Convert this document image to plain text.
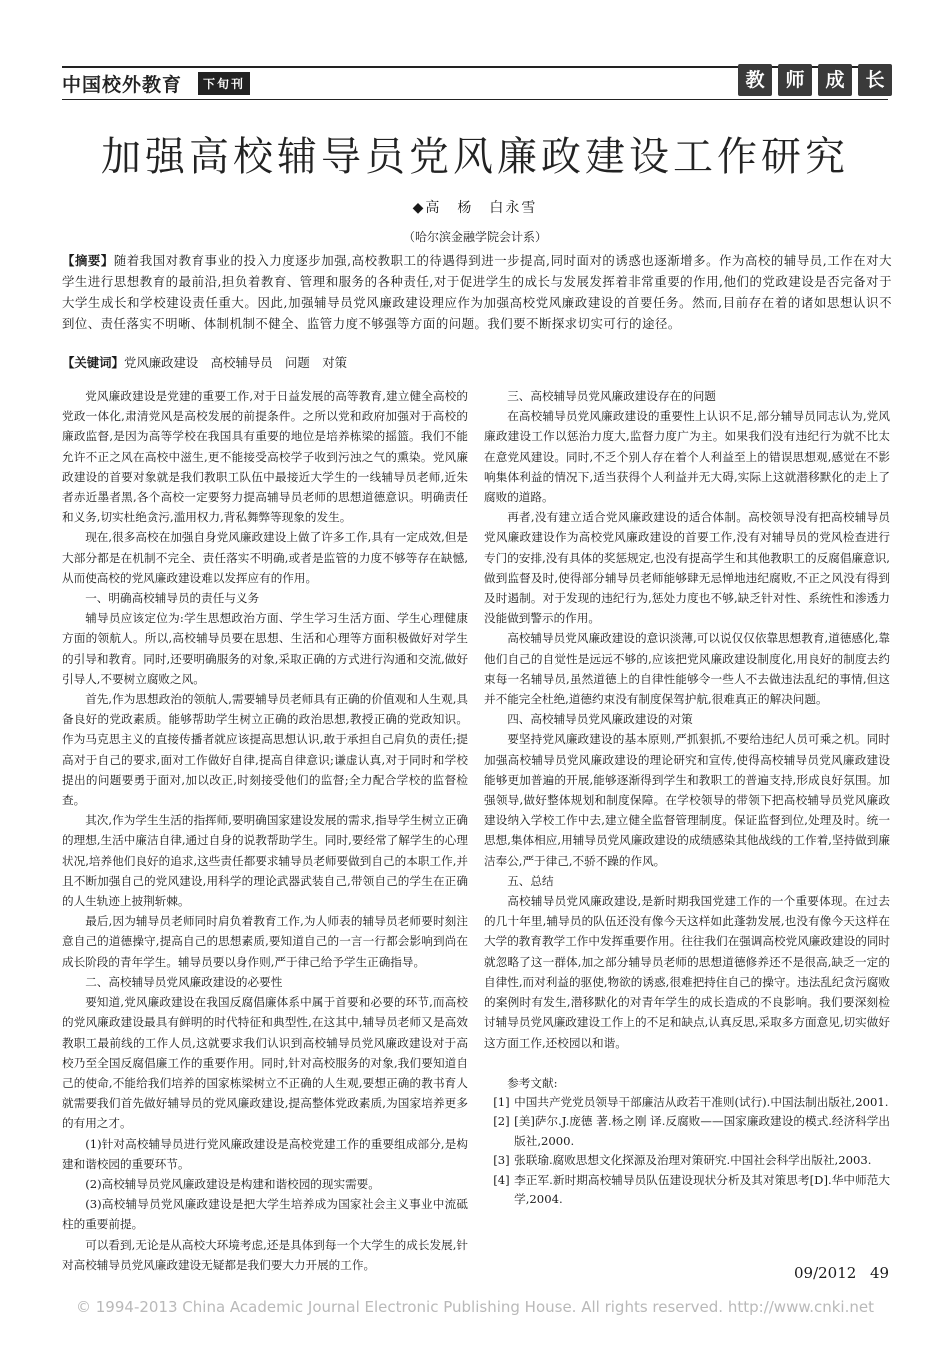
中国校外教育	下旬刊	教	师	成	长
加强高校辅导员党风廉政建设工作研究
◆高　杨　白永雪
（哈尔滨金融学院会计系）
【摘要】随着我国对教育事业的投入力度逐步加强,高校教职工的待遇得到进一步提高,同时面对的诱惑也逐渐增多。作为高校的辅导员,工作在对大学生进行思想教育的最前沿,担负着教育、管理和服务的各种责任,对于促进学生的成长与发展发挥着非常重要的作用,他们的党政建设是否完备对于大学生成长和学校建设责任重大。因此,加强辅导员党风廉政建设理应作为加强高校党风廉政建设的首要任务。然而,目前存在着的诸如思想认识不到位、责任落实不明晰、体制机制不健全、监管力度不够强等方面的问题。我们要不断探求切实可行的途径。
【关键词】党风廉政建设　高校辅导员　问题　对策

党风廉政建设是党建的重要工作,对于日益发展的高等教育,建立健全高校的党政一体化,肃清党风是高校发展的前提条件。之所以党和政府加强对于高校的廉政监督,是因为高等学校在我国具有重要的地位是培养栋梁的摇篮。我们不能允许不正之风在高校中滋生,更不能接受高校学子收到污浊之气的熏染。党风廉政建设的首要对象就是我们教职工队伍中最接近大学生的一线辅导员老师,近朱者赤近墨者黑,各个高校一定要努力提高辅导员老师的思想道德意识。明确责任和义务,切实杜绝贪污,滥用权力,背私舞弊等现象的发生。

现在,很多高校在加强自身党风廉政建设上做了许多工作,具有一定成效,但是大部分都是在机制不完全、责任落实不明确,或者是监管的力度不够等存在缺憾,从而使高校的党风廉政建设难以发挥应有的作用。

一、明确高校辅导员的责任与义务

辅导员应该定位为:学生思想政治方面、学生学习生活方面、学生心理健康方面的领航人。所以,高校辅导员要在思想、生活和心理等方面积极做好对学生的引导和教育。同时,还要明确服务的对象,采取正确的方式进行沟通和交流,做好引导人,不要树立腐败之风。

首先,作为思想政治的领航人,需要辅导员老师具有正确的价值观和人生观,具备良好的党政素质。能够帮助学生树立正确的政治思想,教授正确的党政知识。作为马克思主义的直接传播者就应该提高思想认识,敢于承担自己肩负的责任;提高对于自己的要求,面对工作做好自律,提高自律意识;谦虚认真,对于同时和学校提出的问题要勇于面对,加以改正,时刻接受他们的监督;全力配合学校的监督检查。

其次,作为学生生活的指挥师,要明确国家建设发展的需求,指导学生树立正确的理想,生活中廉洁自律,通过自身的说教帮助学生。同时,要经常了解学生的心理状况,培养他们良好的追求,这些责任都要求辅导员老师要做到自己的本职工作,并且不断加强自己的党风建设,用科学的理论武器武装自己,带领自己的学生在正确的人生轨迹上披荆斩棘。

最后,因为辅导员老师同时肩负着教育工作,为人师表的辅导员老师要时刻注意自己的道德操守,提高自己的思想素质,要知道自己的一言一行都会影响到尚在成长阶段的青年学生。辅导员要以身作则,严于律己给予学生正确指导。

二、高校辅导员党风廉政建设的必要性

要知道,党风廉政建设在我国反腐倡廉体系中属于首要和必要的环节,而高校的党风廉政建设最具有鲜明的时代特征和典型性,在这其中,辅导员老师又是高效教职工最前线的工作人员,这就要求我们认识到高校辅导员党风廉政建设对于高校乃至全国反腐倡廉工作的重要作用。同时,针对高校服务的对象,我们要知道自己的使命,不能给我们培养的国家栋梁树立不正确的人生观,要想正确的教书育人就需要我们首先做好辅导员的党风廉政建设,提高整体党政素质,为国家培养更多的有用之才。

(1)针对高校辅导员进行党风廉政建设是高校党建工作的重要组成部分,是构建和谐校园的重要环节。

(2)高校辅导员党风廉政建设是构建和谐校园的现实需要。

(3)高校辅导员党风廉政建设是把大学生培养成为国家社会主义事业中流砥柱的重要前提。

可以看到,无论是从高校大环境考虑,还是具体到每一个大学生的成长发展,针对高校辅导员党风廉政建设无疑都是我们要大力开展的工作。

三、高校辅导员党风廉政建设存在的问题

在高校辅导员党风廉政建设的重要性上认识不足,部分辅导员同志认为,党风廉政建设工作以惩治力度大,监督力度广为主。如果我们没有违纪行为就不比太在意党风建设。同时,不乏个别人存在着个人利益至上的错误思想观,感觉在不影响集体利益的情况下,适当获得个人利益并无大碍,实际上这就潜移默化的走上了腐败的道路。

再者,没有建立适合党风廉政建设的适合体制。高校领导没有把高校辅导员党风廉政建设作为高校党风廉政建设的首要工作,没有对辅导员的党风检查进行专门的安排,没有具体的奖惩规定,也没有提高学生和其他教职工的反腐倡廉意识,做到监督及时,使得部分辅导员老师能够肆无忌惮地违纪腐败,不正之风没有得到及时遏制。对于发现的违纪行为,惩处力度也不够,缺乏针对性、系统性和渗透力没能做到警示的作用。

高校辅导员党风廉政建设的意识淡薄,可以说仅仅依靠思想教育,道德感化,靠他们自己的自觉性是远远不够的,应该把党风廉政建设制度化,用良好的制度去约束每一名辅导员,虽然道德上的自律性能够令一些人不去做违法乱纪的事情,但这并不能完全杜绝,道德约束没有制度保驾护航,很难真正的解决问题。

四、高校辅导员党风廉政建设的对策

要坚持党风廉政建设的基本原则,严抓狠抓,不要给违纪人员可乘之机。同时加强高校辅导员党风廉政建设的理论研究和宣传,使得高校辅导员党风廉政建设能够更加普遍的开展,能够逐渐得到学生和教职工的普遍支持,形成良好氛围。加强领导,做好整体规划和制度保障。在学校领导的带领下把高校辅导员党风廉政建设纳入学校工作中去,建立健全监督管理制度。保证监督到位,处理及时。统一思想,集体相应,用辅导员党风廉政建设的成绩感染其他战线的工作着,坚持做到廉洁奉公,严于律己,不骄不躁的作风。

五、总结

高校辅导员党风廉政建设,是新时期我国党建工作的一个重要体现。在过去的几十年里,辅导员的队伍还没有像今天这样如此蓬勃发展,也没有像今天这样在大学的教育教学工作中发挥重要作用。往往我们在强调高校党风廉政建设的同时就忽略了这一群体,加之部分辅导员老师的思想道德修养还不是很高,缺乏一定的自律性,而对利益的驱使,物欲的诱惑,很难把持住自己的操守。违法乱纪贪污腐败的案例时有发生,潜移默化的对青年学生的成长造成的不良影响。我们要深刻检讨辅导员党风廉政建设工作上的不足和缺点,认真反思,采取多方面意见,切实做好这方面工作,还校园以和谐。

参考文献:

[1] 中国共产党党员领导干部廉洁从政若干准则(试行).中国法制出版社,2001.

[2] [美]萨尔.J.庞德 著.杨之刚 译.反腐败——国家廉政建设的模式.经济科学出版社,2000.

[3] 张联瑜.腐败思想文化探源及治理对策研究.中国社会科学出版社,2003.

[4] 李正军.新时期高校辅导员队伍建设现状分析及其对策思考[D].华中师范大学,2004.

09/2012 49
© 1994-2013 China Academic Journal Electronic Publishing House. All rights reserved. http://www.cnki.net
